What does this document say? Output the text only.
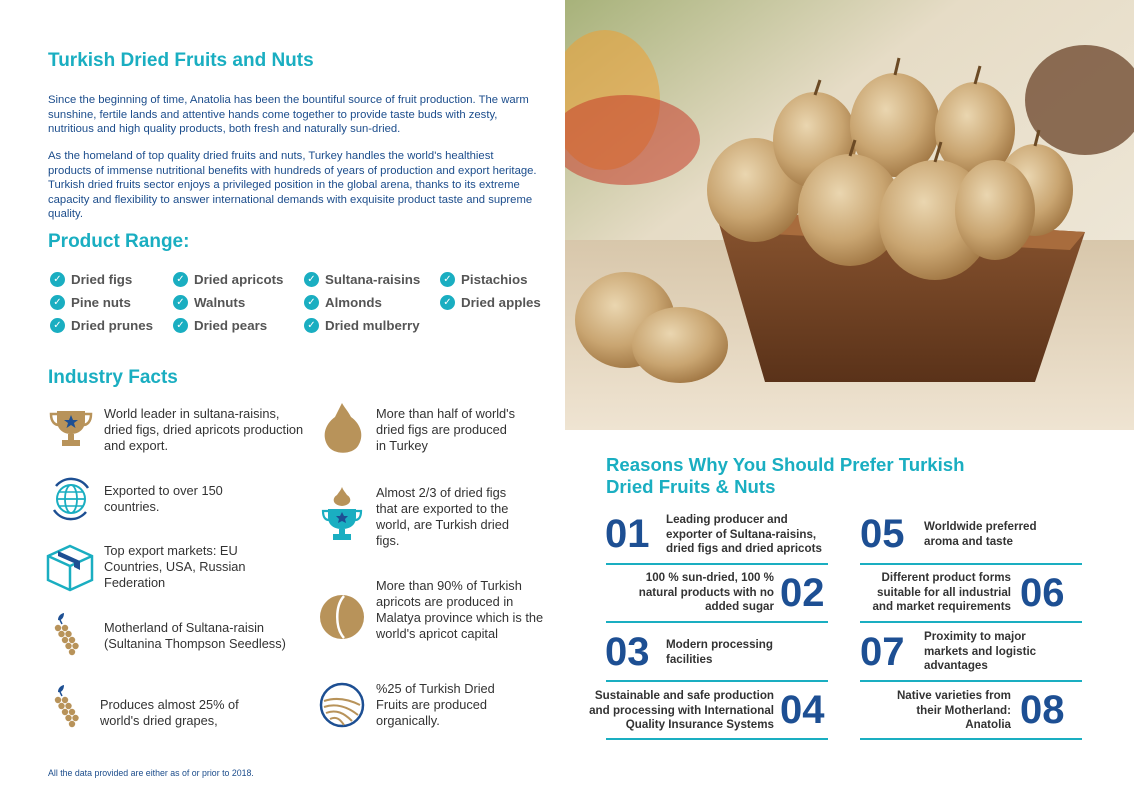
Turkish Dried Fruits and Nuts

Since the beginning of time, Anatolia has been the bountiful source of fruit production. The warm sunshine, fertile lands and attentive hands come together to provide taste buds with zesty, nutritious and high quality products, both fresh and naturally sun-dried.

As the homeland of top quality dried fruits and nuts, Turkey handles the world's healthiest products of immense nutritional benefits with hundreds of years of production and export heritage. Turkish dried fruits sector enjoys a privileged position in the global arena, thanks to its extreme capacity and flexibility to answer international demands with exquisite product taste and supreme quality.

Product Range:
✓ Dried figs	✓ Dried apricots	✓ Sultana-raisins	✓ Pistachios
✓ Pine nuts	✓ Walnuts	✓ Almonds	✓ Dried apples
✓ Dried prunes	✓ Dried pears	✓ Dried mulberry
Industry Facts
World leader in sultana-raisins, dried figs, dried apricots production and export.
Exported to over 150 countries.
Top export markets: EU Countries, USA, Russian Federation
Motherland of Sultana-raisin (Sultanina Thompson Seedless)
Produces almost 25% of world's dried grapes,
More than half of world's dried figs are produced in Turkey
Almost 2/3 of dried figs that are exported to the world, are Turkish dried figs.
More than 90% of Turkish apricots are produced in Malatya province which is the world's apricot capital
%25 of Turkish Dried Fruits are produced organically.
All the data provided are either as of or prior to 2018.
Reasons Why You Should Prefer Turkish Dried Fruits & Nuts
01 Leading producer and exporter of Sultana-raisins, dried figs and dried apricots
100 % sun-dried, 100 % natural products with no added sugar 02
03 Modern processing facilities
Sustainable and safe production and processing with International Quality Insurance Systems 04
05 Worldwide preferred aroma and taste
Different product forms suitable for all industrial and market requirements 06
07 Proximity to major markets and logistic advantages
Native varieties from their Motherland: Anatolia 08
